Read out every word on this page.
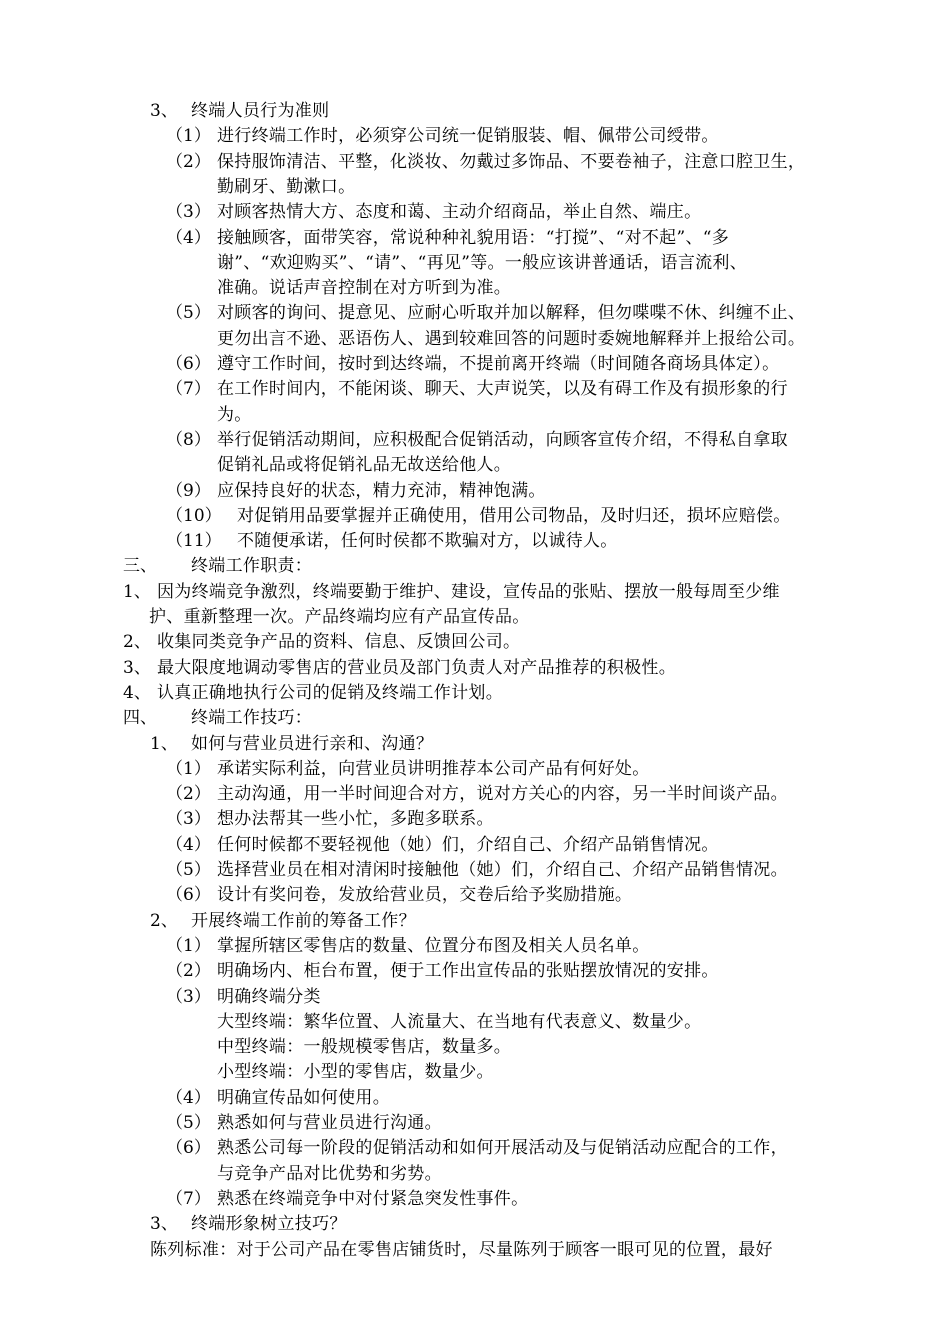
3、 终端人员行为准则
（1） 进行终端工作时，必须穿公司统一促销服装、帽、佩带公司绶带。
（2） 保持服饰清洁、平整，化淡妆、勿戴过多饰品、不要卷袖子，注意口腔卫生，
勤刷牙、勤漱口。
（3） 对顾客热情大方、态度和蔼、主动介绍商品，举止自然、端庄。
（4） 接触顾客，面带笑容，常说种种礼貌用语：“打搅”、“对不起”、“多
谢”、“欢迎购买”、“请”、“再见”等。一般应该讲普通话，语言流利、
准确。说话声音控制在对方听到为准。
（5） 对顾客的询问、提意见、应耐心听取并加以解释，但勿喋喋不休、纠缠不止、
更勿出言不逊、恶语伤人、遇到较难回答的问题时委婉地解释并上报给公司。
（6） 遵守工作时间，按时到达终端，不提前离开终端（时间随各商场具体定）。
（7） 在工作时间内，不能闲谈、聊天、大声说笑，以及有碍工作及有损形象的行
为。
（8） 举行促销活动期间，应积极配合促销活动，向顾客宣传介绍，不得私自拿取
促销礼品或将促销礼品无故送给他人。
（9） 应保持良好的状态，精力充沛，精神饱满。
（10） 对促销用品要掌握并正确使用，借用公司物品，及时归还，损坏应赔偿。
（11） 不随便承诺，任何时侯都不欺骗对方，以诚待人。
三、 终端工作职责：
1、 因为终端竞争激烈，终端要勤于维护、建设，宣传品的张贴、摆放一般每周至少维
护、重新整理一次。产品终端均应有产品宣传品。
2、 收集同类竞争产品的资料、信息、反馈回公司。
3、 最大限度地调动零售店的营业员及部门负责人对产品推荐的积极性。
4、 认真正确地执行公司的促销及终端工作计划。
四、 终端工作技巧：
1、 如何与营业员进行亲和、沟通？
（1） 承诺实际利益，向营业员讲明推荐本公司产品有何好处。
（2） 主动沟通，用一半时间迎合对方，说对方关心的内容，另一半时间谈产品。
（3） 想办法帮其一些小忙，多跑多联系。
（4） 任何时候都不要轻视他（她）们，介绍自己、介绍产品销售情况。
（5） 选择营业员在相对清闲时接触他（她）们，介绍自己、介绍产品销售情况。
（6） 设计有奖问卷，发放给营业员，交卷后给予奖励措施。
2、 开展终端工作前的筹备工作？
（1） 掌握所辖区零售店的数量、位置分布图及相关人员名单。
（2） 明确场内、柜台布置，便于工作出宣传品的张贴摆放情况的安排。
（3） 明确终端分类
大型终端：繁华位置、人流量大、在当地有代表意义、数量少。
中型终端：一般规模零售店，数量多。
小型终端：小型的零售店，数量少。
（4） 明确宣传品如何使用。
（5） 熟悉如何与营业员进行沟通。
（6） 熟悉公司每一阶段的促销活动和如何开展活动及与促销活动应配合的工作，
与竞争产品对比优势和劣势。
（7） 熟悉在终端竞争中对付紧急突发性事件。
3、 终端形象树立技巧？
陈列标准：对于公司产品在零售店铺货时，尽量陈列于顾客一眼可见的位置，最好
